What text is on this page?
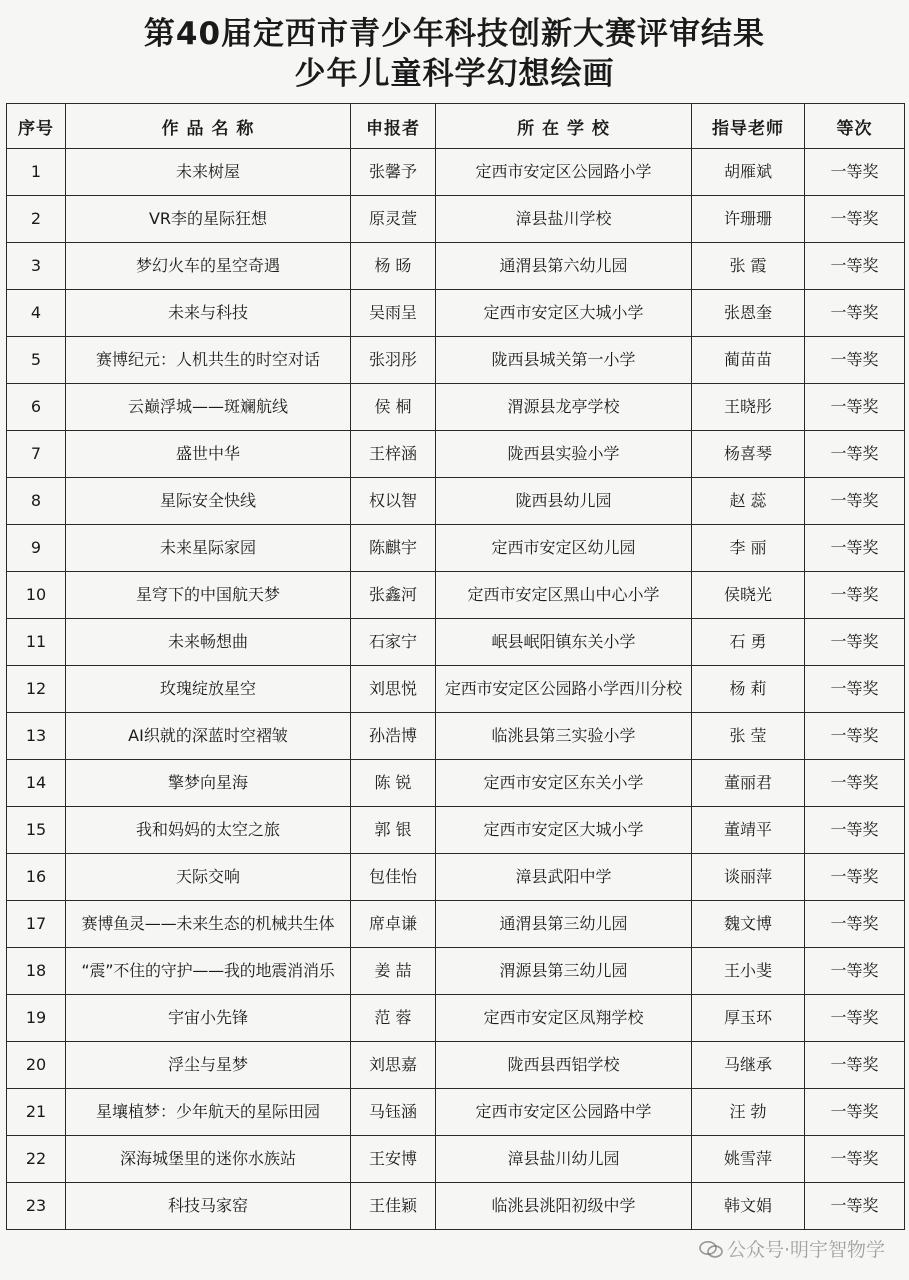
第40届定西市青少年科技创新大赛评审结果
少年儿童科学幻想绘画
序号	作 品 名 称	申报者	所 在 学 校	指导老师	等次
1	未来树屋	张馨予	定西市安定区公园路小学	胡雁斌	一等奖
2	VR李的星际狂想	原灵萱	漳县盐川学校	许珊珊	一等奖
3	梦幻火车的星空奇遇	杨 旸	通渭县第六幼儿园	张 霞	一等奖
4	未来与科技	吴雨呈	定西市安定区大城小学	张恩奎	一等奖
5	赛博纪元：人机共生的时空对话	张羽彤	陇西县城关第一小学	蔺苗苗	一等奖
6	云巅浮城——斑斓航线	侯 桐	渭源县龙亭学校	王晓彤	一等奖
7	盛世中华	王梓涵	陇西县实验小学	杨喜琴	一等奖
8	星际安全快线	权以智	陇西县幼儿园	赵 蕊	一等奖
9	未来星际家园	陈麒宇	定西市安定区幼儿园	李 丽	一等奖
10	星穹下的中国航天梦	张鑫河	定西市安定区黑山中心小学	侯晓光	一等奖
11	未来畅想曲	石家宁	岷县岷阳镇东关小学	石 勇	一等奖
12	玫瑰绽放星空	刘思悦	定西市安定区公园路小学西川分校	杨 莉	一等奖
13	AI织就的深蓝时空褶皱	孙浩博	临洮县第三实验小学	张 莹	一等奖
14	擎梦向星海	陈 锐	定西市安定区东关小学	董丽君	一等奖
15	我和妈妈的太空之旅	郭 银	定西市安定区大城小学	董靖平	一等奖
16	天际交响	包佳怡	漳县武阳中学	谈丽萍	一等奖
17	赛博鱼灵——未来生态的机械共生体	席卓谦	通渭县第三幼儿园	魏文博	一等奖
18	“震”不住的守护——我的地震消消乐	姜 喆	渭源县第三幼儿园	王小斐	一等奖
19	宇宙小先锋	范 蓉	定西市安定区凤翔学校	厚玉环	一等奖
20	浮尘与星梦	刘思嘉	陇西县西铝学校	马继承	一等奖
21	星壤植梦：少年航天的星际田园	马钰涵	定西市安定区公园路中学	汪 勃	一等奖
22	深海城堡里的迷你水族站	王安博	漳县盐川幼儿园	姚雪萍	一等奖
23	科技马家窑	王佳颖	临洮县洮阳初级中学	韩文娟	一等奖
公众号·明宇智物学
